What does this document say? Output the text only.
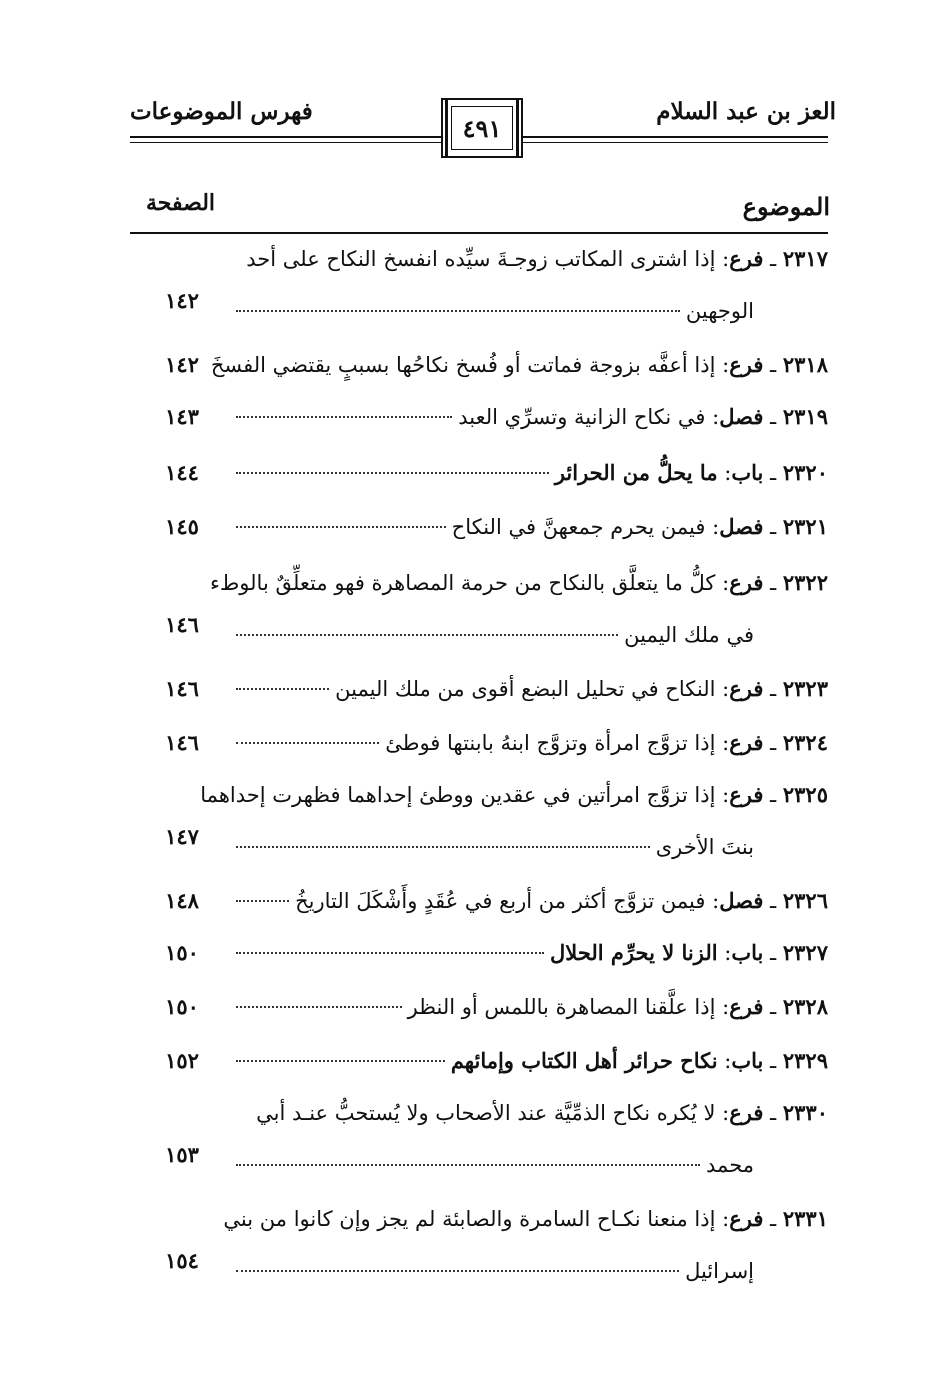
فهرس الموضوعات	العز بن عبد السلام
٤٩١
الموضوع
الصفحة
٢٣١٧ ـ فرع: إذا اشترى المكاتب زوجـةَ سيِّده انفسخ النكاح على أحد
الوجهين
١٤٢
٢٣١٨ ـ فرع: إذا أعفَّه بزوجة فماتت أو فُسخ نكاحُها بسببٍ يقتضي الفسخَ
١٤٢
٢٣١٩ ـ فصل: في نكاح الزانية وتسرِّي العبد
١٤٣
٢٣٢٠ ـ باب: ما يحلُّ من الحرائر
١٤٤
٢٣٢١ ـ فصل: فيمن يحرم جمعهنَّ في النكاح
١٤٥
٢٣٢٢ ـ فرع: كلُّ ما يتعلَّق بالنكاح من حرمة المصاهرة فهو متعلِّقٌ بالوطء
في ملك اليمين
١٤٦
٢٣٢٣ ـ فرع: النكاح في تحليل البضع أقوى من ملك اليمين
١٤٦
٢٣٢٤ ـ فرع: إذا تزوَّج امرأة وتزوَّج ابنهُ بابنتها فوطئ
١٤٦
٢٣٢٥ ـ فرع: إذا تزوَّج امرأتين في عقدين ووطئ إحداهما فظهرت إحداهما
بنتَ الأخرى
١٤٧
٢٣٢٦ ـ فصل: فيمن تزوَّج أكثر من أربع في عُقَدٍ وأَشْكَلَ التاريخُ
١٤٨
٢٣٢٧ ـ باب: الزنا لا يحرِّم الحلال
١٥٠
٢٣٢٨ ـ فرع: إذا علَّقنا المصاهرة باللمس أو النظر
١٥٠
٢٣٢٩ ـ باب: نكاح حرائر أهل الكتاب وإمائهم
١٥٢
٢٣٣٠ ـ فرع: لا يُكره نكاح الذمِّيَّة عند الأصحاب ولا يُستحبُّ عنـد أبي
محمد
١٥٣
٢٣٣١ ـ فرع: إذا منعنا نكـاح السامرة والصابئة لم يجز وإن كانوا من بني
إسرائيل
١٥٤
